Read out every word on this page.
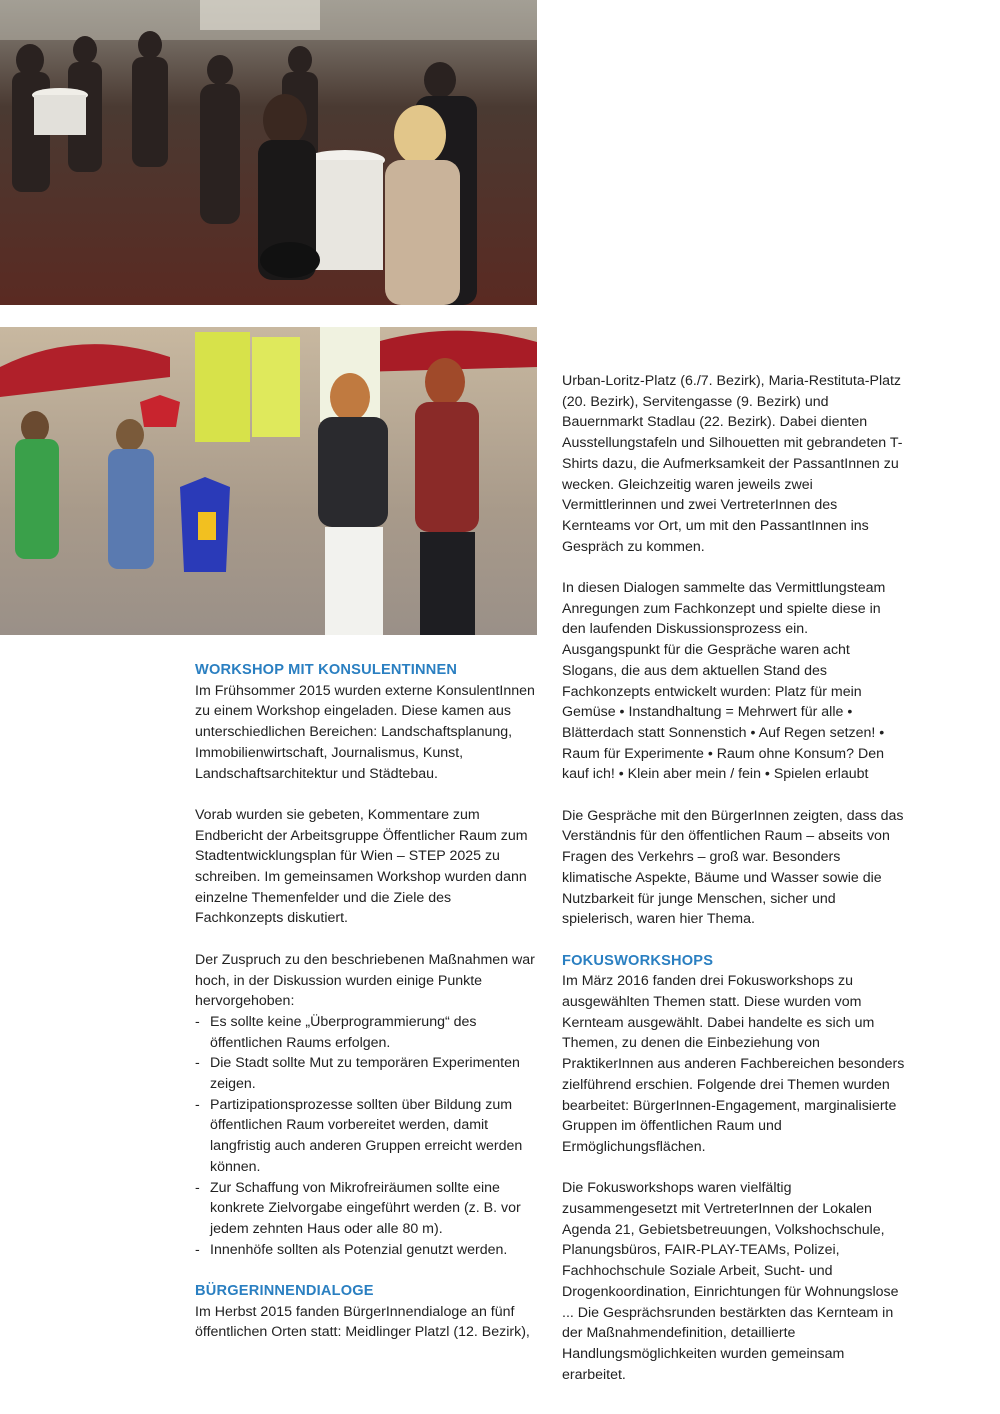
WORKSHOP MIT KONSULENTINNEN

Im Frühsommer 2015 wurden externe KonsulentInnen zu einem Workshop eingeladen. Diese kamen aus unterschiedlichen Bereichen: Landschaftsplanung, Immobilienwirtschaft, Journalismus, Kunst, Landschaftsarchitektur und Städtebau.

Vorab wurden sie gebeten, Kommentare zum Endbericht der Arbeitsgruppe Öffentlicher Raum zum Stadtentwicklungsplan für Wien – STEP 2025 zu schreiben. Im gemeinsamen Workshop wurden dann einzelne Themenfelder und die Ziele des Fachkonzepts diskutiert.

Der Zuspruch zu den beschriebenen Maßnahmen war hoch, in der Diskussion wurden einige Punkte hervorgehoben:

- Es sollte keine „Überprogrammierung“ des öffentlichen Raums erfolgen.
- Die Stadt sollte Mut zu temporären Experimenten zeigen.
- Partizipationsprozesse sollten über Bildung zum öffentlichen Raum vorbereitet werden, damit langfristig auch anderen Gruppen erreicht werden können.
- Zur Schaffung von Mikrofreiräumen sollte eine konkrete Zielvorgabe eingeführt werden (z. B. vor jedem zehnten Haus oder alle 80 m).
- Innenhöfe sollten als Potenzial genutzt werden.
BÜRGERINNENDIALOGE

Im Herbst 2015 fanden BürgerInnendialoge an fünf öffentlichen Orten statt: Meidlinger Platzl (12. Bezirk),

Urban-Loritz-Platz (6./7. Bezirk), Maria-Restituta-Platz (20. Bezirk), Servitengasse (9. Bezirk) und Bauernmarkt Stadlau (22. Bezirk). Dabei dienten Ausstellungstafeln und Silhouetten mit gebrandeten T-Shirts dazu, die Aufmerksamkeit der PassantInnen zu wecken. Gleichzeitig waren jeweils zwei Vermittlerinnen und zwei VertreterInnen des Kernteams vor Ort, um mit den PassantInnen ins Gespräch zu kommen.

In diesen Dialogen sammelte das Vermittlungsteam Anregungen zum Fachkonzept und spielte diese in den laufenden Diskussionsprozess ein. Ausgangspunkt für die Gespräche waren acht Slogans, die aus dem aktuellen Stand des Fachkonzepts entwickelt wurden: Platz für mein Gemüse • Instandhaltung = Mehrwert für alle • Blätterdach statt Sonnenstich • Auf Regen setzen! • Raum für Experimente • Raum ohne Konsum? Den kauf ich! • Klein aber mein / fein • Spielen erlaubt

Die Gespräche mit den BürgerInnen zeigten, dass das Verständnis für den öffentlichen Raum – abseits von Fragen des Verkehrs – groß war. Besonders klimatische Aspekte, Bäume und Wasser sowie die Nutzbarkeit für junge Menschen, sicher und spielerisch, waren hier Thema.

FOKUSWORKSHOPS

Im März 2016 fanden drei Fokusworkshops zu ausgewählten Themen statt. Diese wurden vom Kernteam ausgewählt. Dabei handelte es sich um Themen, zu denen die Einbeziehung von PraktikerInnen aus anderen Fachbereichen besonders zielführend erschien. Folgende drei Themen wurden bearbeitet: BürgerInnen-Engagement, marginalisierte Gruppen im öffentlichen Raum und Ermöglichungsflächen.

Die Fokusworkshops waren vielfältig zusammengesetzt mit VertreterInnen der Lokalen Agenda 21, Gebietsbetreuungen, Volkshochschule, Planungsbüros, FAIR-PLAY-TEAMs, Polizei, Fachhochschule Soziale Arbeit, Sucht- und Drogenkoordination, Einrichtungen für Wohnungslose ... Die Gesprächsrunden bestärkten das Kernteam in der Maßnahmendefinition, detaillierte Handlungsmöglichkeiten wurden gemeinsam erarbeitet.
